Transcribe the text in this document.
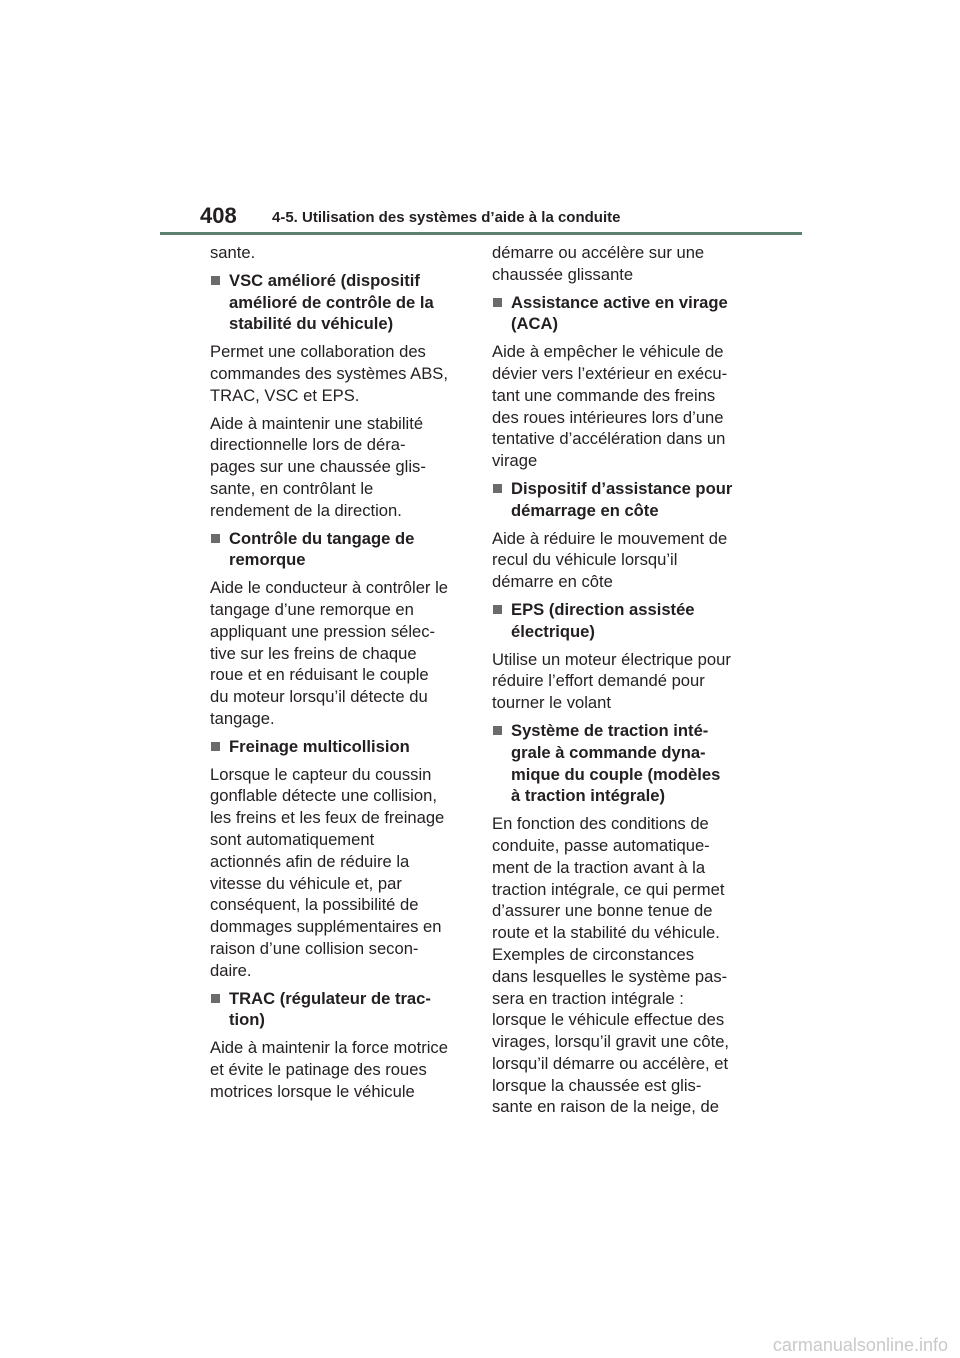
408 4-5. Utilisation des systèmes d’aide à la conduite
sante.
VSC amélioré (dispositif
amélioré de contrôle de la
stabilité du véhicule)
Permet une collaboration des
commandes des systèmes ABS,
TRAC, VSC et EPS.
Aide à maintenir une stabilité
directionnelle lors de déra-
pages sur une chaussée glis-
sante, en contrôlant le
rendement de la direction.
Contrôle du tangage de
remorque
Aide le conducteur à contrôler le
tangage d’une remorque en
appliquant une pression sélec-
tive sur les freins de chaque
roue et en réduisant le couple
du moteur lorsqu’il détecte du
tangage.
Freinage multicollision
Lorsque le capteur du coussin
gonflable détecte une collision,
les freins et les feux de freinage
sont automatiquement
actionnés afin de réduire la
vitesse du véhicule et, par
conséquent, la possibilité de
dommages supplémentaires en
raison d’une collision secon-
daire.
TRAC (régulateur de trac-
tion)
Aide à maintenir la force motrice
et évite le patinage des roues
motrices lorsque le véhicule
démarre ou accélère sur une
chaussée glissante
Assistance active en virage
(ACA)
Aide à empêcher le véhicule de
dévier vers l’extérieur en exécu-
tant une commande des freins
des roues intérieures lors d’une
tentative d’accélération dans un
virage
Dispositif d’assistance pour
démarrage en côte
Aide à réduire le mouvement de
recul du véhicule lorsqu’il
démarre en côte
EPS (direction assistée
électrique)
Utilise un moteur électrique pour
réduire l’effort demandé pour
tourner le volant
Système de traction inté-
grale à commande dyna-
mique du couple (modèles
à traction intégrale)
En fonction des conditions de
conduite, passe automatique-
ment de la traction avant à la
traction intégrale, ce qui permet
d’assurer une bonne tenue de
route et la stabilité du véhicule.
Exemples de circonstances
dans lesquelles le système pas-
sera en traction intégrale :
lorsque le véhicule effectue des
virages, lorsqu’il gravit une côte,
lorsqu’il démarre ou accélère, et
lorsque la chaussée est glis-
sante en raison de la neige, de
carmanualsonline.info
